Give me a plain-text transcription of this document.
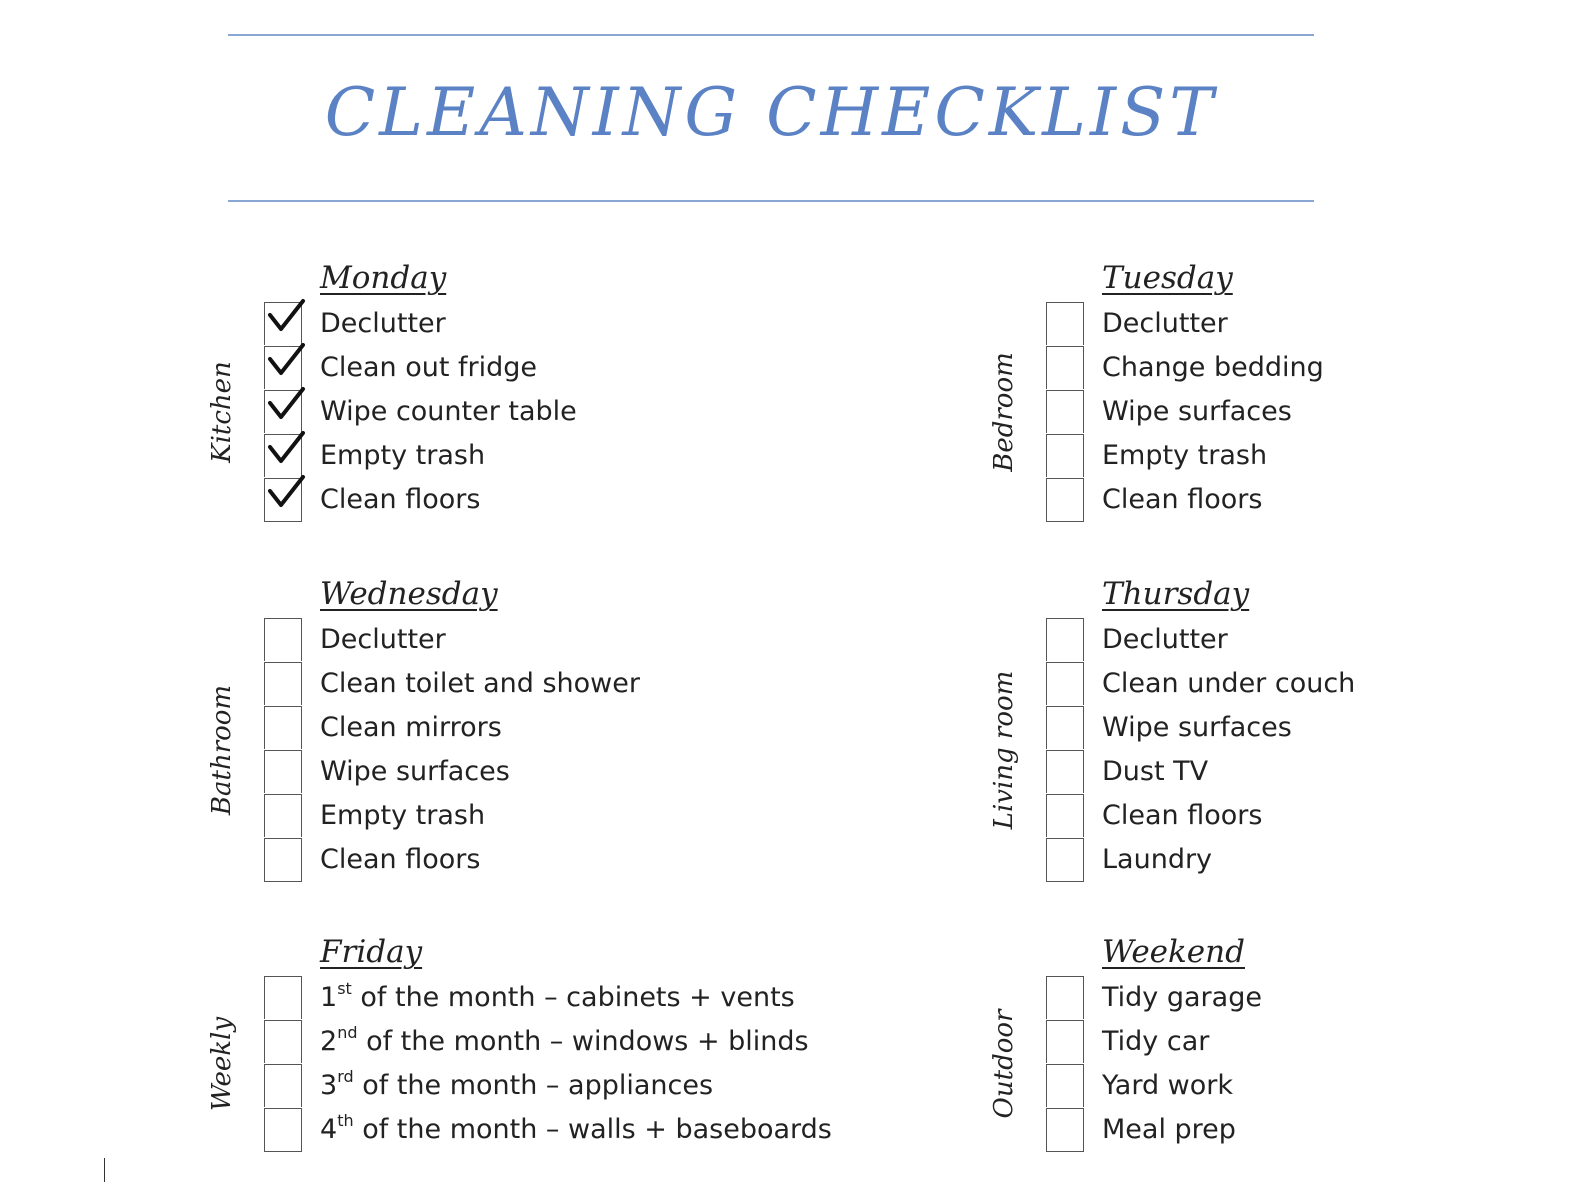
CLEANING CHECKLIST
Monday
Kitchen
Declutter
Clean out fridge
Wipe counter table
Empty trash
Clean floors
Tuesday
Bedroom
Declutter
Change bedding
Wipe surfaces
Empty trash
Clean floors
Wednesday
Bathroom
Declutter
Clean toilet and shower
Clean mirrors
Wipe surfaces
Empty trash
Clean floors
Thursday
Living room
Declutter
Clean under couch
Wipe surfaces
Dust TV
Clean floors
Laundry
Friday
Weekly
1st of the month – cabinets + vents
2nd of the month – windows + blinds
3rd of the month – appliances
4th of the month – walls + baseboards
Weekend
Outdoor
Tidy garage
Tidy car
Yard work
Meal prep
